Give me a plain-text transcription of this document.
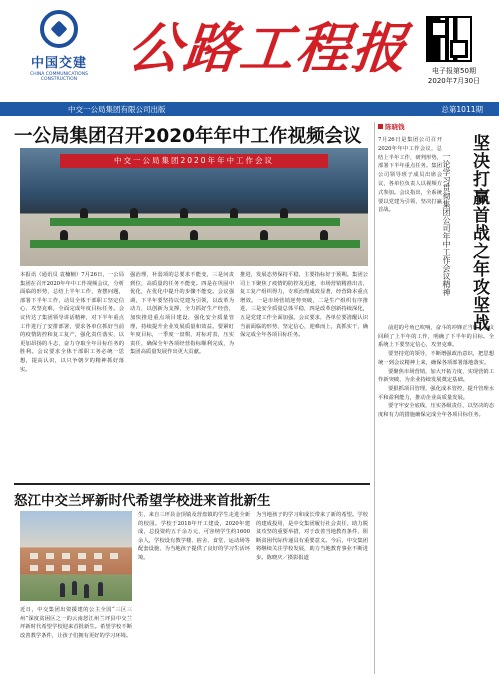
中国交建
CHINA COMMUNICATIONS CONSTRUCTION 公路工程报	电子报第50期
2020年7月30日
中交一公局集团有限公司出版	总第1011期
一公局集团召开2020年年中工作视频会议
中交一公局集团2020年年中工作会议
本报讯（通讯员 袁楠楠）7月26日，一公局集团在召开2020年年中工作视频会议，分析面临的形势，总结上半年工作，查摆问题，部署下半年工作，动员全体干部职工坚定信心、攻坚克难，全面完成年度目标任务。会议传达了集团领导讲话精神，对下半年重点工作进行了安排部署，要求各单位抓好当前的疫情防控和复工复产，强化责任落实，以更加昂扬的斗志，奋力夺取全年目标任务的胜利。会议要求全体干部职工务必统一思想，提高认识，以只争朝夕的精神抓好落实。
强治理，补弱项的总要求不能变，三是问责到位，高质量的任务不能变。四是在巩固中优化，在优化中提升的步骤不能变。会议强调，下半年要坚持以党建为引领，以改革为动力，以创新为支撑，全力抓好生产经营，加快推进重点项目建设，强化安全质量管理，持续提升企业发展质量和效益。要紧盯年度目标，一季度一盘棋，对标对表，压实责任，确保全年各项经营指标顺利完成，为集团高质量发展作出更大贡献。
推进，发展态势保持平稳，主要指标好于预期。集团公司上下聚焦了疫情的防控及迅速，市场营销精准出击，复工复产组织得力，专项治理成效显著，经营降本重点增效。一是市场营销逆势突破，二是生产组织有序推进，三是安全质量总体平稳，四是改革创新持续深化，五是党建工作全面加强。会议要求，各单位要清醒认识当前面临的形势，坚定信心，迎难而上，真抓实干，确保完成全年各项目标任务。
陈晓钱
7月26日是集团公司召开2020年年中工作会议，总结上半年工作，研判形势，部署下半年重点任务。集团公司领导班子成员出席会议，各单位负责人以视频方式参加。会议指出，全系统要以党建为引领，坚决打赢首战。	坚决打赢首战之年攻坚战
一论学习贯彻集团公司年中工作会议精神

前进的号角已吹响，奋斗的冲锋正当时。会议回顾了上半年的工作，明确了下半年的目标。全系统上下要坚定信心，攻坚克难。

要坚持党的领导，不断增强政治意识，把思想统一到会议精神上来，确保各项部署落地落实。

要聚焦市场营销，加大开拓力度，实现营销工作新突破，为企业持续发展奠定基础。

要狠抓项目管理，强化成本管控，提升管理水平和盈利能力，推动企业高质量发展。

要守牢安全底线，压实各级责任，以坚决的态度和有力的措施确保完成全年各项目标任务。

怒江中交兰坪新时代希望学校进来首批新生
近日，中交集团出资援建的公主全国“三区三州”深度贫困区之一的云南怒江州兰坪县中交兰坪新时代希望学校迎来首批新生。希望学校不断改善教学条件，让孩子们拥有更好的学习环境。
生，来自三坪县金顶镇及营盘镇的学生走进全新的校园。学校于2018年开工建设，2020年建成，总投资约五千余万元，可容纳学生约1600余人，学校设有教学楼、宿舍、食堂、运动场等配套设施，为当地孩子提供了良好的学习生活环境。
为当地孩子的学习和成长带来了新的希望。学校的建成投用，是中交集团履行社会责任、助力脱贫攻坚的重要举措，对于改善当地教育条件、阻断贫困代际传递具有重要意义。今后，中交集团将继续关注学校发展，助力当地教育事业不断进步。陈晓庆／摄影报道
